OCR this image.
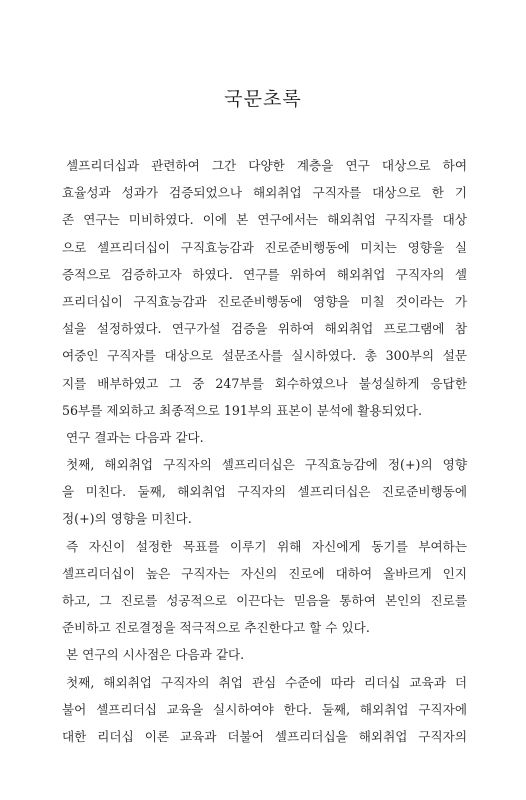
국문초록
셀프리더십과 관련하여 그간 다양한 계층을 연구 대상으로 하여
효율성과 성과가 검증되었으나 해외취업 구직자를 대상으로 한 기
존 연구는 미비하였다. 이에 본 연구에서는 해외취업 구직자를 대상
으로 셀프리더십이 구직효능감과 진로준비행동에 미치는 영향을 실
증적으로 검증하고자 하였다. 연구를 위하여 해외취업 구직자의 셀
프리더십이 구직효능감과 진로준비행동에 영향을 미칠 것이라는 가
설을 설정하였다. 연구가설 검증을 위하여 해외취업 프로그램에 참
여중인 구직자를 대상으로 설문조사를 실시하였다. 총 300부의 설문
지를 배부하였고 그 중 247부를 회수하였으나 불성실하게 응답한
56부를 제외하고 최종적으로 191부의 표본이 분석에 활용되었다.
연구 결과는 다음과 같다.
첫째, 해외취업 구직자의 셀프리더십은 구직효능감에 정(+)의 영향
을 미친다. 둘째, 해외취업 구직자의 셀프리더십은 진로준비행동에
정(+)의 영향을 미친다.
즉 자신이 설정한 목표를 이루기 위해 자신에게 동기를 부여하는
셀프리더십이 높은 구직자는 자신의 진로에 대하여 올바르게 인지
하고, 그 진로를 성공적으로 이끈다는 믿음을 통하여 본인의 진로를
준비하고 진로결정을 적극적으로 추진한다고 할 수 있다.
본 연구의 시사점은 다음과 같다.
첫째, 해외취업 구직자의 취업 관심 수준에 따라 리더십 교육과 더
불어 셀프리더십 교육을 실시하여야 한다. 둘째, 해외취업 구직자에
대한 리더십 이론 교육과 더불어 셀프리더십을 해외취업 구직자의
